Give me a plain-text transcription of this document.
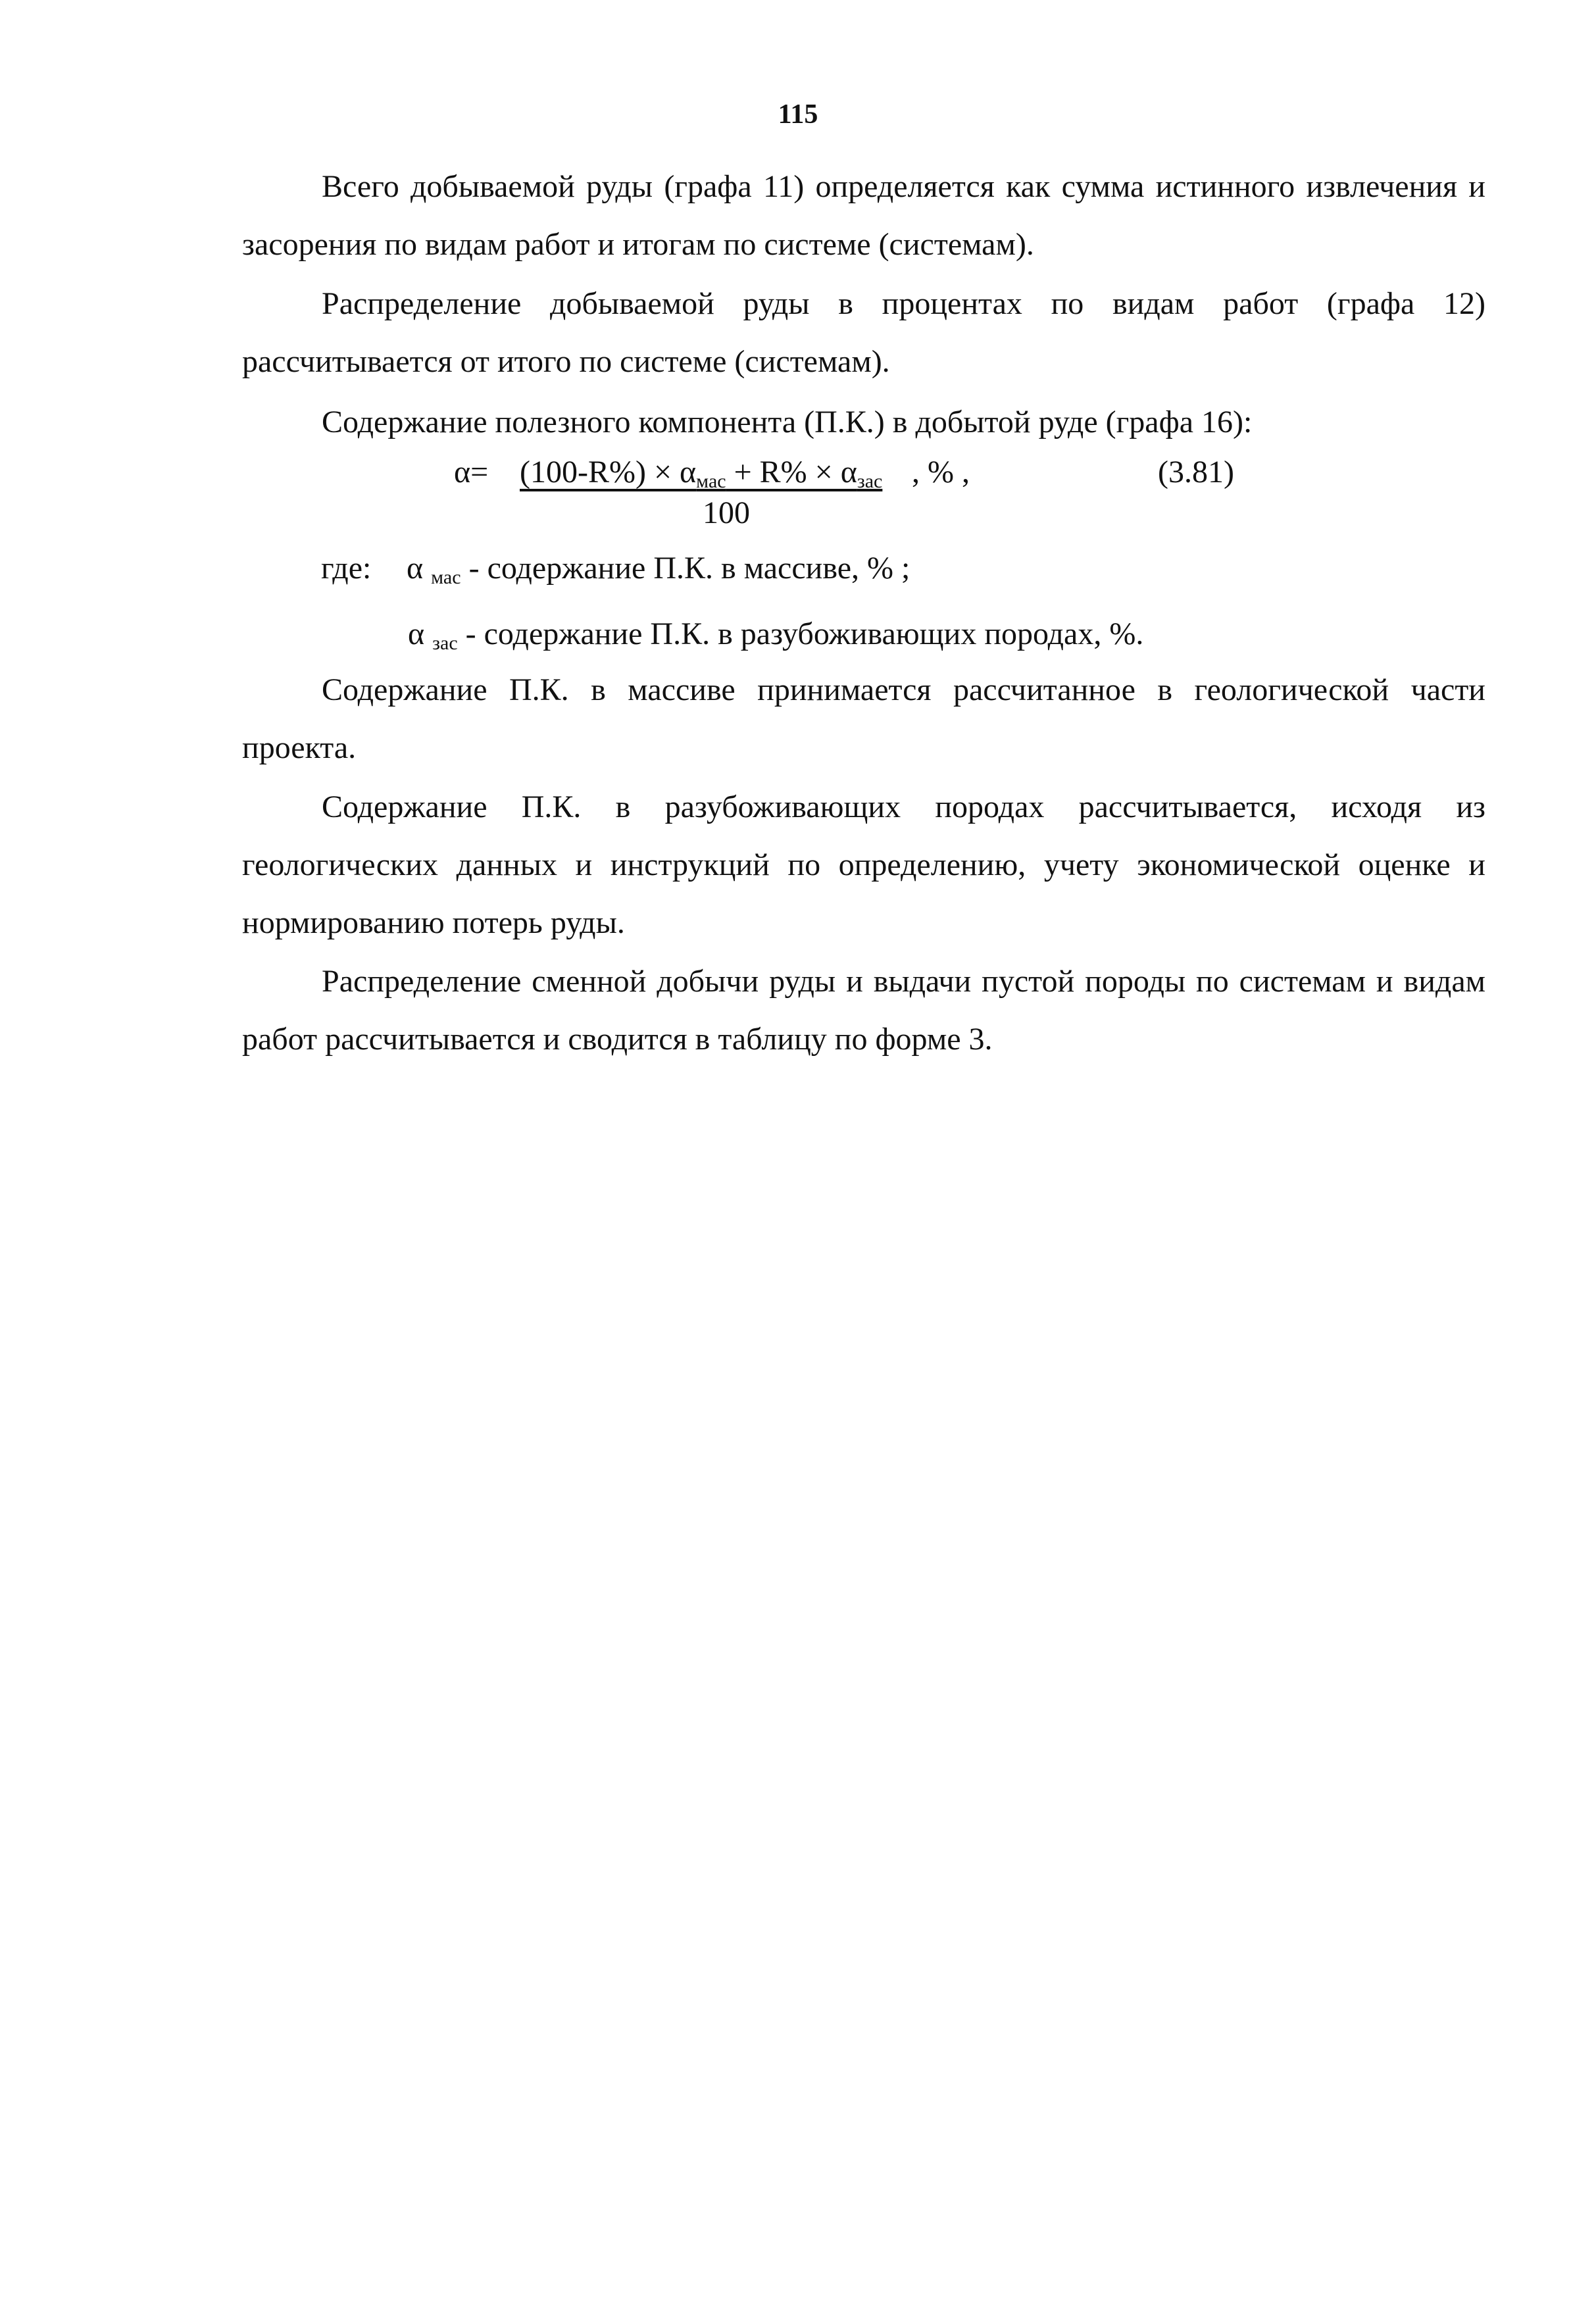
115
Всего добываемой руды (графа 11) определяется как сумма истинного извлечения и засорения по видам работ и итогам по системе (системам).
Распределение добываемой руды в процентах по видам работ (графа 12) рассчитывается от итого по системе (системам).
Содержание полезного компонента (П.К.) в добытой руде (графа 16):
$\alpha= (100-R\%) \times \alpha_{мас} + R\% \times \alpha_{зас}$
100
, % ,	(3.81)
где: α $_{мас}$ - содержание П.К. в массиве, % ;
α $_{зас}$ - содержание П.К. в разубоживающих породах, %.
Содержание П.К. в массиве принимается рассчитанное в геологической части проекта.
Содержание П.К. в разубоживающих породах рассчитывается, исходя из геологических данных и инструкций по определению, учету экономической оценке и нормированию потерь руды.
Распределение сменной добычи руды и выдачи пустой породы по системам и видам работ рассчитывается и сводится в таблицу по форме 3.
